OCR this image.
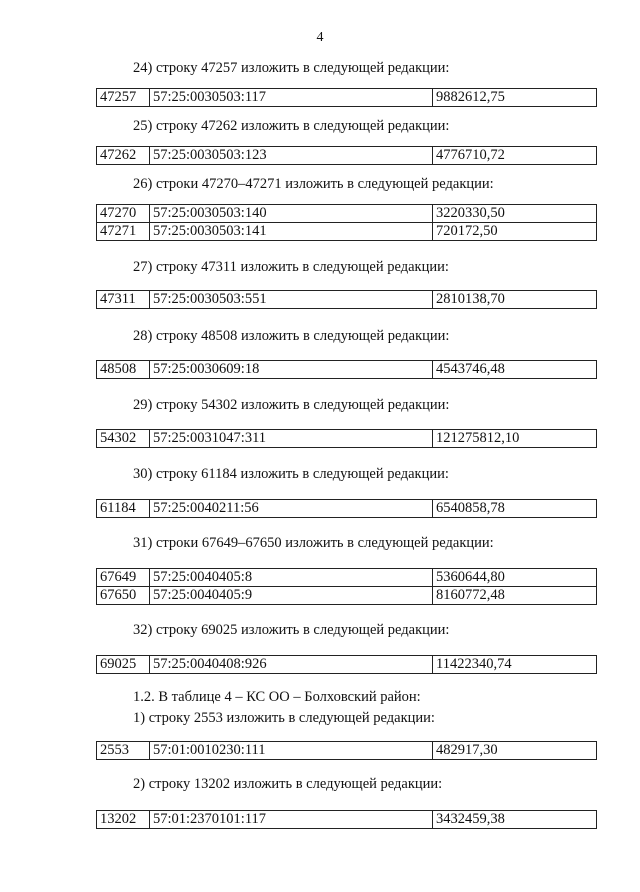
4
24) строку 47257 изложить в следующей редакции:
47257	57:25:0030503:117	9882612,75
25) строку 47262 изложить в следующей редакции:
47262	57:25:0030503:123	4776710,72
26) строки 47270–47271 изложить в следующей редакции:
47270	57:25:0030503:140	3220330,50
47271	57:25:0030503:141	720172,50
27) строку 47311 изложить в следующей редакции:
47311	57:25:0030503:551	2810138,70
28) строку 48508 изложить в следующей редакции:
48508	57:25:0030609:18	4543746,48
29) строку 54302 изложить в следующей редакции:
54302	57:25:0031047:311	121275812,10
30) строку 61184 изложить в следующей редакции:
61184	57:25:0040211:56	6540858,78
31) строки 67649–67650 изложить в следующей редакции:
67649	57:25:0040405:8	5360644,80
67650	57:25:0040405:9	8160772,48
32) строку 69025 изложить в следующей редакции:
69025	57:25:0040408:926	11422340,74
1.2. В таблице 4 – КС ОО – Болховский район:
1) строку 2553 изложить в следующей редакции:
2553	57:01:0010230:111	482917,30
2) строку 13202 изложить в следующей редакции:
13202	57:01:2370101:117	3432459,38
